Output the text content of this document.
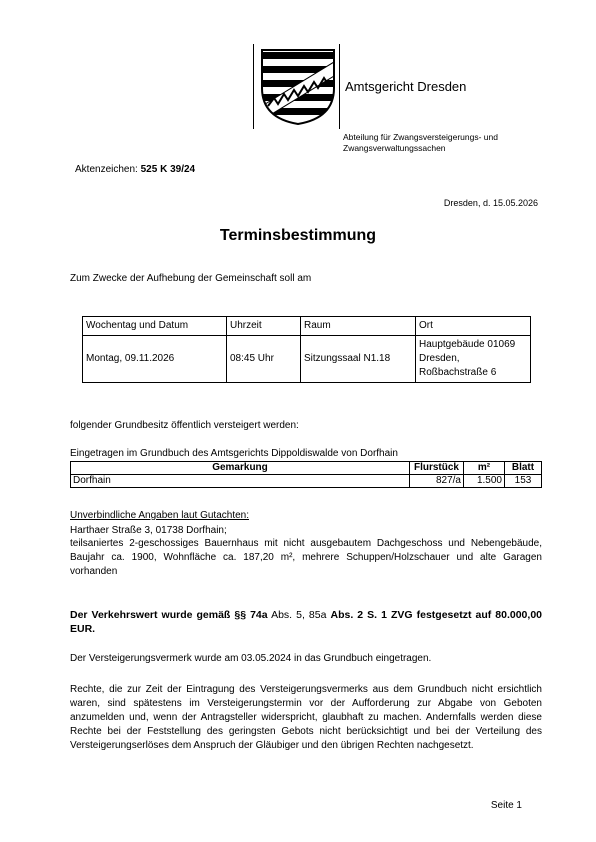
Amtsgericht Dresden
Abteilung für Zwangsversteigerungs- und Zwangsverwaltungssachen
Aktenzeichen: 525 K 39/24
Dresden, d. 15.05.2026
Terminsbestimmung
Zum Zwecke der Aufhebung der Gemeinschaft soll am
Wochentag und Datum	Uhrzeit	Raum	Ort
Montag, 09.11.2026	08:45 Uhr	Sitzungssaal N1.18	Hauptgebäude 01069 Dresden, Roßbachstraße 6
folgender Grundbesitz öffentlich versteigert werden:
Eingetragen im Grundbuch des Amtsgerichts Dippoldiswalde von Dorfhain
Gemarkung	Flurstück	m²	Blatt
Dorfhain	827/a	1.500	153
Unverbindliche Angaben laut Gutachten:
Harthaer Straße 3, 01738 Dorfhain;
teilsaniertes 2-geschossiges Bauernhaus mit nicht ausgebautem Dachgeschoss und Nebengebäude, Baujahr ca. 1900, Wohnfläche ca. 187,20 m², mehrere Schuppen/Holzschauer und alte Garagen vorhanden
Der Verkehrswert wurde gemäß §§ 74a Abs. 5, 85a Abs. 2 S. 1 ZVG festgesetzt auf 80.000,00 EUR.
Der Versteigerungsvermerk wurde am 03.05.2024 in das Grundbuch eingetragen.
Rechte, die zur Zeit der Eintragung des Versteigerungsvermerks aus dem Grundbuch nicht ersichtlich waren, sind spätestens im Versteigerungstermin vor der Aufforderung zur Abgabe von Geboten anzumelden und, wenn der Antragsteller widerspricht, glaubhaft zu machen. Andernfalls werden diese Rechte bei der Feststellung des geringsten Gebots nicht berücksichtigt und bei der Verteilung des Versteigerungserlöses dem Anspruch der Gläubiger und den übrigen Rechten nachgesetzt.
Seite 1
